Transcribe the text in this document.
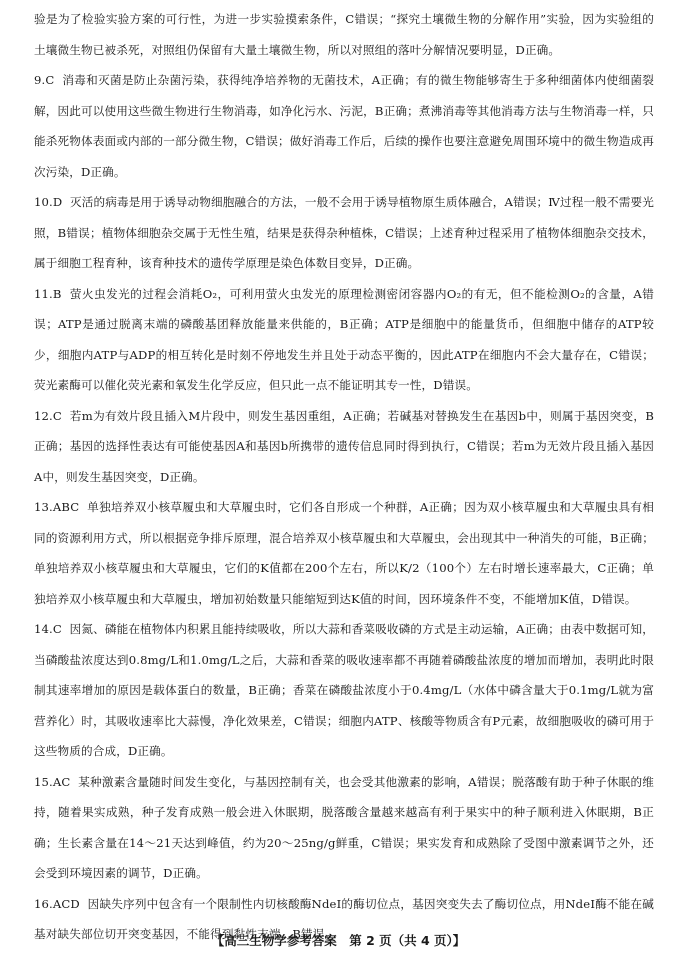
验是为了检验实验方案的可行性，为进一步实验摸索条件，C错误；“探究土壤微生物的分解作用”实验，因为实验组的土壤微生物已被杀死，对照组仍保留有大量土壤微生物，所以对照组的落叶分解情况要明显，D正确。

9.C 消毒和灭菌是防止杂菌污染，获得纯净培养物的无菌技术，A正确；有的微生物能够寄生于多种细菌体内使细菌裂解，因此可以使用这些微生物进行生物消毒，如净化污水、污泥，B正确；煮沸消毒等其他消毒方法与生物消毒一样，只能杀死物体表面或内部的一部分微生物，C错误；做好消毒工作后，后续的操作也要注意避免周围环境中的微生物造成再次污染，D正确。

10.D 灭活的病毒是用于诱导动物细胞融合的方法，一般不会用于诱导植物原生质体融合，A错误；Ⅳ过程一般不需要光照，B错误；植物体细胞杂交属于无性生殖，结果是获得杂种植株，C错误；上述育种过程采用了植物体细胞杂交技术，属于细胞工程育种，该育种技术的遗传学原理是染色体数目变异，D正确。

11.B 萤火虫发光的过程会消耗O₂，可利用萤火虫发光的原理检测密闭容器内O₂的有无，但不能检测O₂的含量，A错误；ATP是通过脱离末端的磷酸基团释放能量来供能的，B正确；ATP是细胞中的能量货币，但细胞中储存的ATP较少，细胞内ATP与ADP的相互转化是时刻不停地发生并且处于动态平衡的，因此ATP在细胞内不会大量存在，C错误；荧光素酶可以催化荧光素和氧发生化学反应，但只此一点不能证明其专一性，D错误。

12.C 若m为有效片段且插入M片段中，则发生基因重组，A正确；若碱基对替换发生在基因b中，则属于基因突变，B正确；基因的选择性表达有可能使基因A和基因b所携带的遗传信息同时得到执行，C错误；若m为无效片段且插入基因A中，则发生基因突变，D正确。

13.ABC 单独培养双小核草履虫和大草履虫时，它们各自形成一个种群，A正确；因为双小核草履虫和大草履虫具有相同的资源利用方式，所以根据竞争排斥原理，混合培养双小核草履虫和大草履虫，会出现其中一种消失的可能，B正确；单独培养双小核草履虫和大草履虫，它们的K值都在200个左右，所以K/2（100个）左右时增长速率最大，C正确；单独培养双小核草履虫和大草履虫，增加初始数量只能缩短到达K值的时间，因环境条件不变，不能增加K值，D错误。

14.C 因氮、磷能在植物体内积累且能持续吸收，所以大蒜和香菜吸收磷的方式是主动运输，A正确；由表中数据可知，当磷酸盐浓度达到0.8mg/L和1.0mg/L之后，大蒜和香菜的吸收速率都不再随着磷酸盐浓度的增加而增加，表明此时限制其速率增加的原因是载体蛋白的数量，B正确；香菜在磷酸盐浓度小于0.4mg/L（水体中磷含量大于0.1mg/L就为富营养化）时，其吸收速率比大蒜慢，净化效果差，C错误；细胞内ATP、核酸等物质含有P元素，故细胞吸收的磷可用于这些物质的合成，D正确。

15.AC 某种激素含量随时间发生变化，与基因控制有关，也会受其他激素的影响，A错误；脱落酸有助于种子休眠的维持，随着果实成熟，种子发育成熟一般会进入休眠期，脱落酸含量越来越高有利于果实中的种子顺利进入休眠期，B正确；生长素含量在14～21天达到峰值，约为20～25ng/g鲜重，C错误；果实发育和成熟除了受图中激素调节之外，还会受到环境因素的调节，D正确。

16.ACD 因缺失序列中包含有一个限制性内切核酸酶NdeⅠ的酶切位点，基因突变失去了酶切位点，用NdeⅠ酶不能在碱基对缺失部位切开突变基因，不能得到黏性末端，B错误。

【高三生物学参考答案　第 2 页（共 4 页）】
